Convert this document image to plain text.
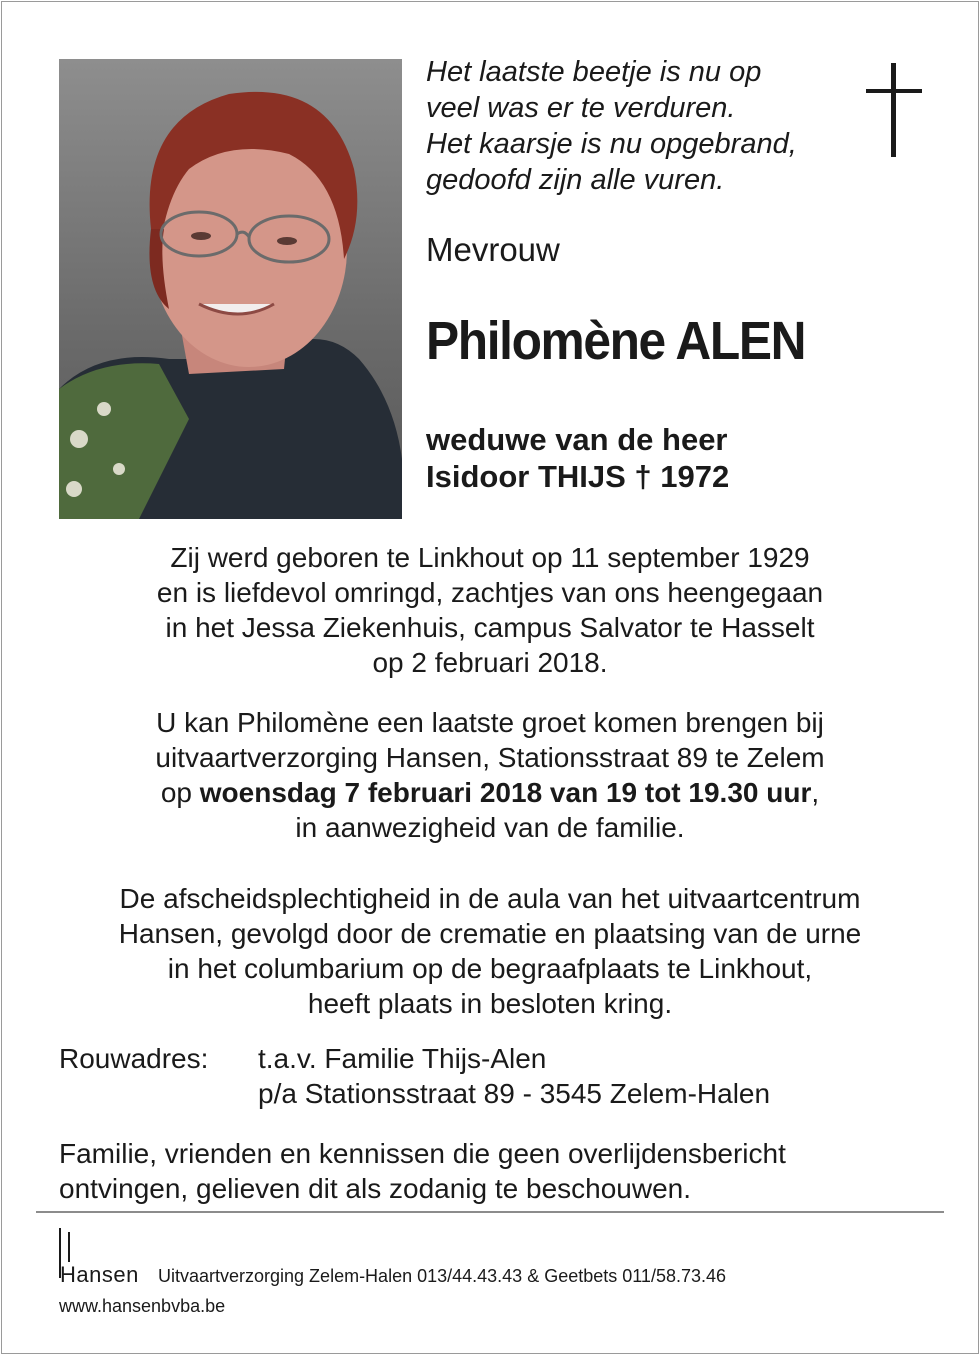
Het laatste beetje is nu op
veel was er te verduren.
Het kaarsje is nu opgebrand,
gedoofd zijn alle vuren.
Mevrouw
Philomène ALEN
weduwe van de heer
Isidoor THIJS † 1972
Zij werd geboren te Linkhout op 11 september 1929
en is liefdevol omringd, zachtjes van ons heengegaan
in het Jessa Ziekenhuis, campus Salvator te Hasselt
op 2 februari 2018.
U kan Philomène een laatste groet komen brengen bij
uitvaartverzorging Hansen, Stationsstraat 89 te Zelem
op woensdag 7 februari 2018 van 19 tot 19.30 uur,
in aanwezigheid van de familie.
De afscheidsplechtigheid in de aula van het uitvaartcentrum
Hansen, gevolgd door de crematie en plaatsing van de urne
in het columbarium op de begraafplaats te Linkhout,
heeft plaats in besloten kring.
Rouwadres: t.a.v. Familie Thijs-Alen
p/a Stationsstraat 89 - 3545 Zelem-Halen
Familie, vrienden en kennissen die geen overlijdensbericht
ontvingen, gelieven dit als zodanig te beschouwen.
Hansen Uitvaartverzorging Zelem-Halen 013/44.43.43 & Geetbets 011/58.73.46
www.hansenbvba.be
